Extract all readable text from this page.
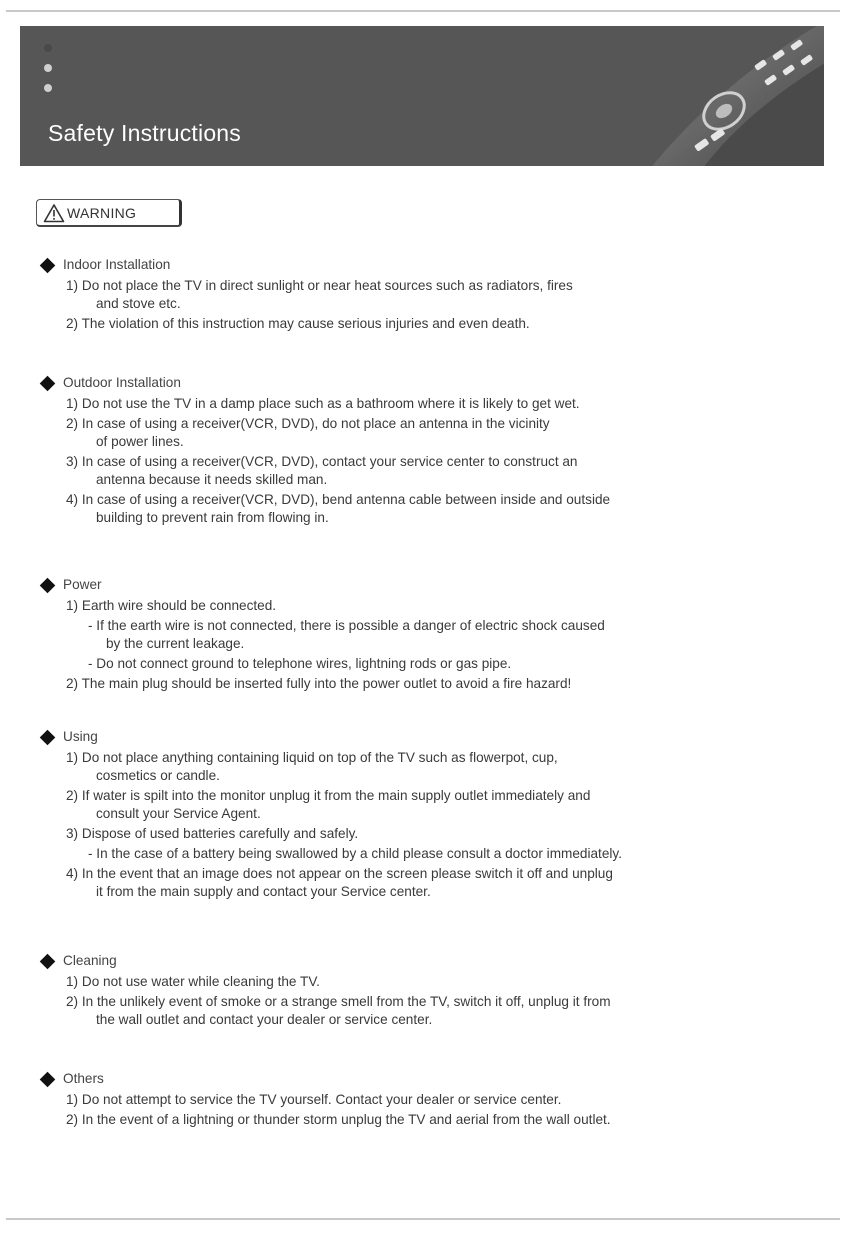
Safety Instructions
WARNING
Indoor Installation
1) Do not place the TV in direct sunlight or near heat sources such as radiators, fires
and stove etc.
2) The violation of this instruction may cause serious injuries and even death.
Outdoor Installation
1) Do not use the TV in a damp place such as a bathroom where it is likely to get wet.
2) In case of using a receiver(VCR, DVD), do not place an antenna in the vicinity
of power lines.
3) In case of using a receiver(VCR, DVD), contact your service center to construct an
antenna because it needs skilled man.
4) In case of using a receiver(VCR, DVD), bend antenna cable between inside and outside
building to prevent rain from flowing in.
Power
1) Earth wire should be connected.
- If the earth wire is not connected, there is possible a danger of electric shock caused
by the current leakage.
- Do not connect ground to telephone wires, lightning rods or gas pipe.
2) The main plug should be inserted fully into the power outlet to avoid a fire hazard!
Using
1) Do not place anything containing liquid on top of the TV such as flowerpot, cup,
cosmetics or candle.
2) If water is spilt into the monitor unplug it from the main supply outlet immediately and
consult your Service Agent.
3) Dispose of used batteries carefully and safely.
- In the case of a battery being swallowed by a child please consult a doctor immediately.
4) In the event that an image does not appear on the screen please switch it off and unplug
it from the main supply and contact your Service center.
Cleaning
1) Do not use water while cleaning the TV.
2) In the unlikely event of smoke or a strange smell from the TV, switch it off, unplug it from
the wall outlet and contact your dealer or service center.
Others
1) Do not attempt to service the TV yourself. Contact your dealer or service center.
2) In the event of a lightning or thunder storm unplug the TV and aerial from the wall outlet.
